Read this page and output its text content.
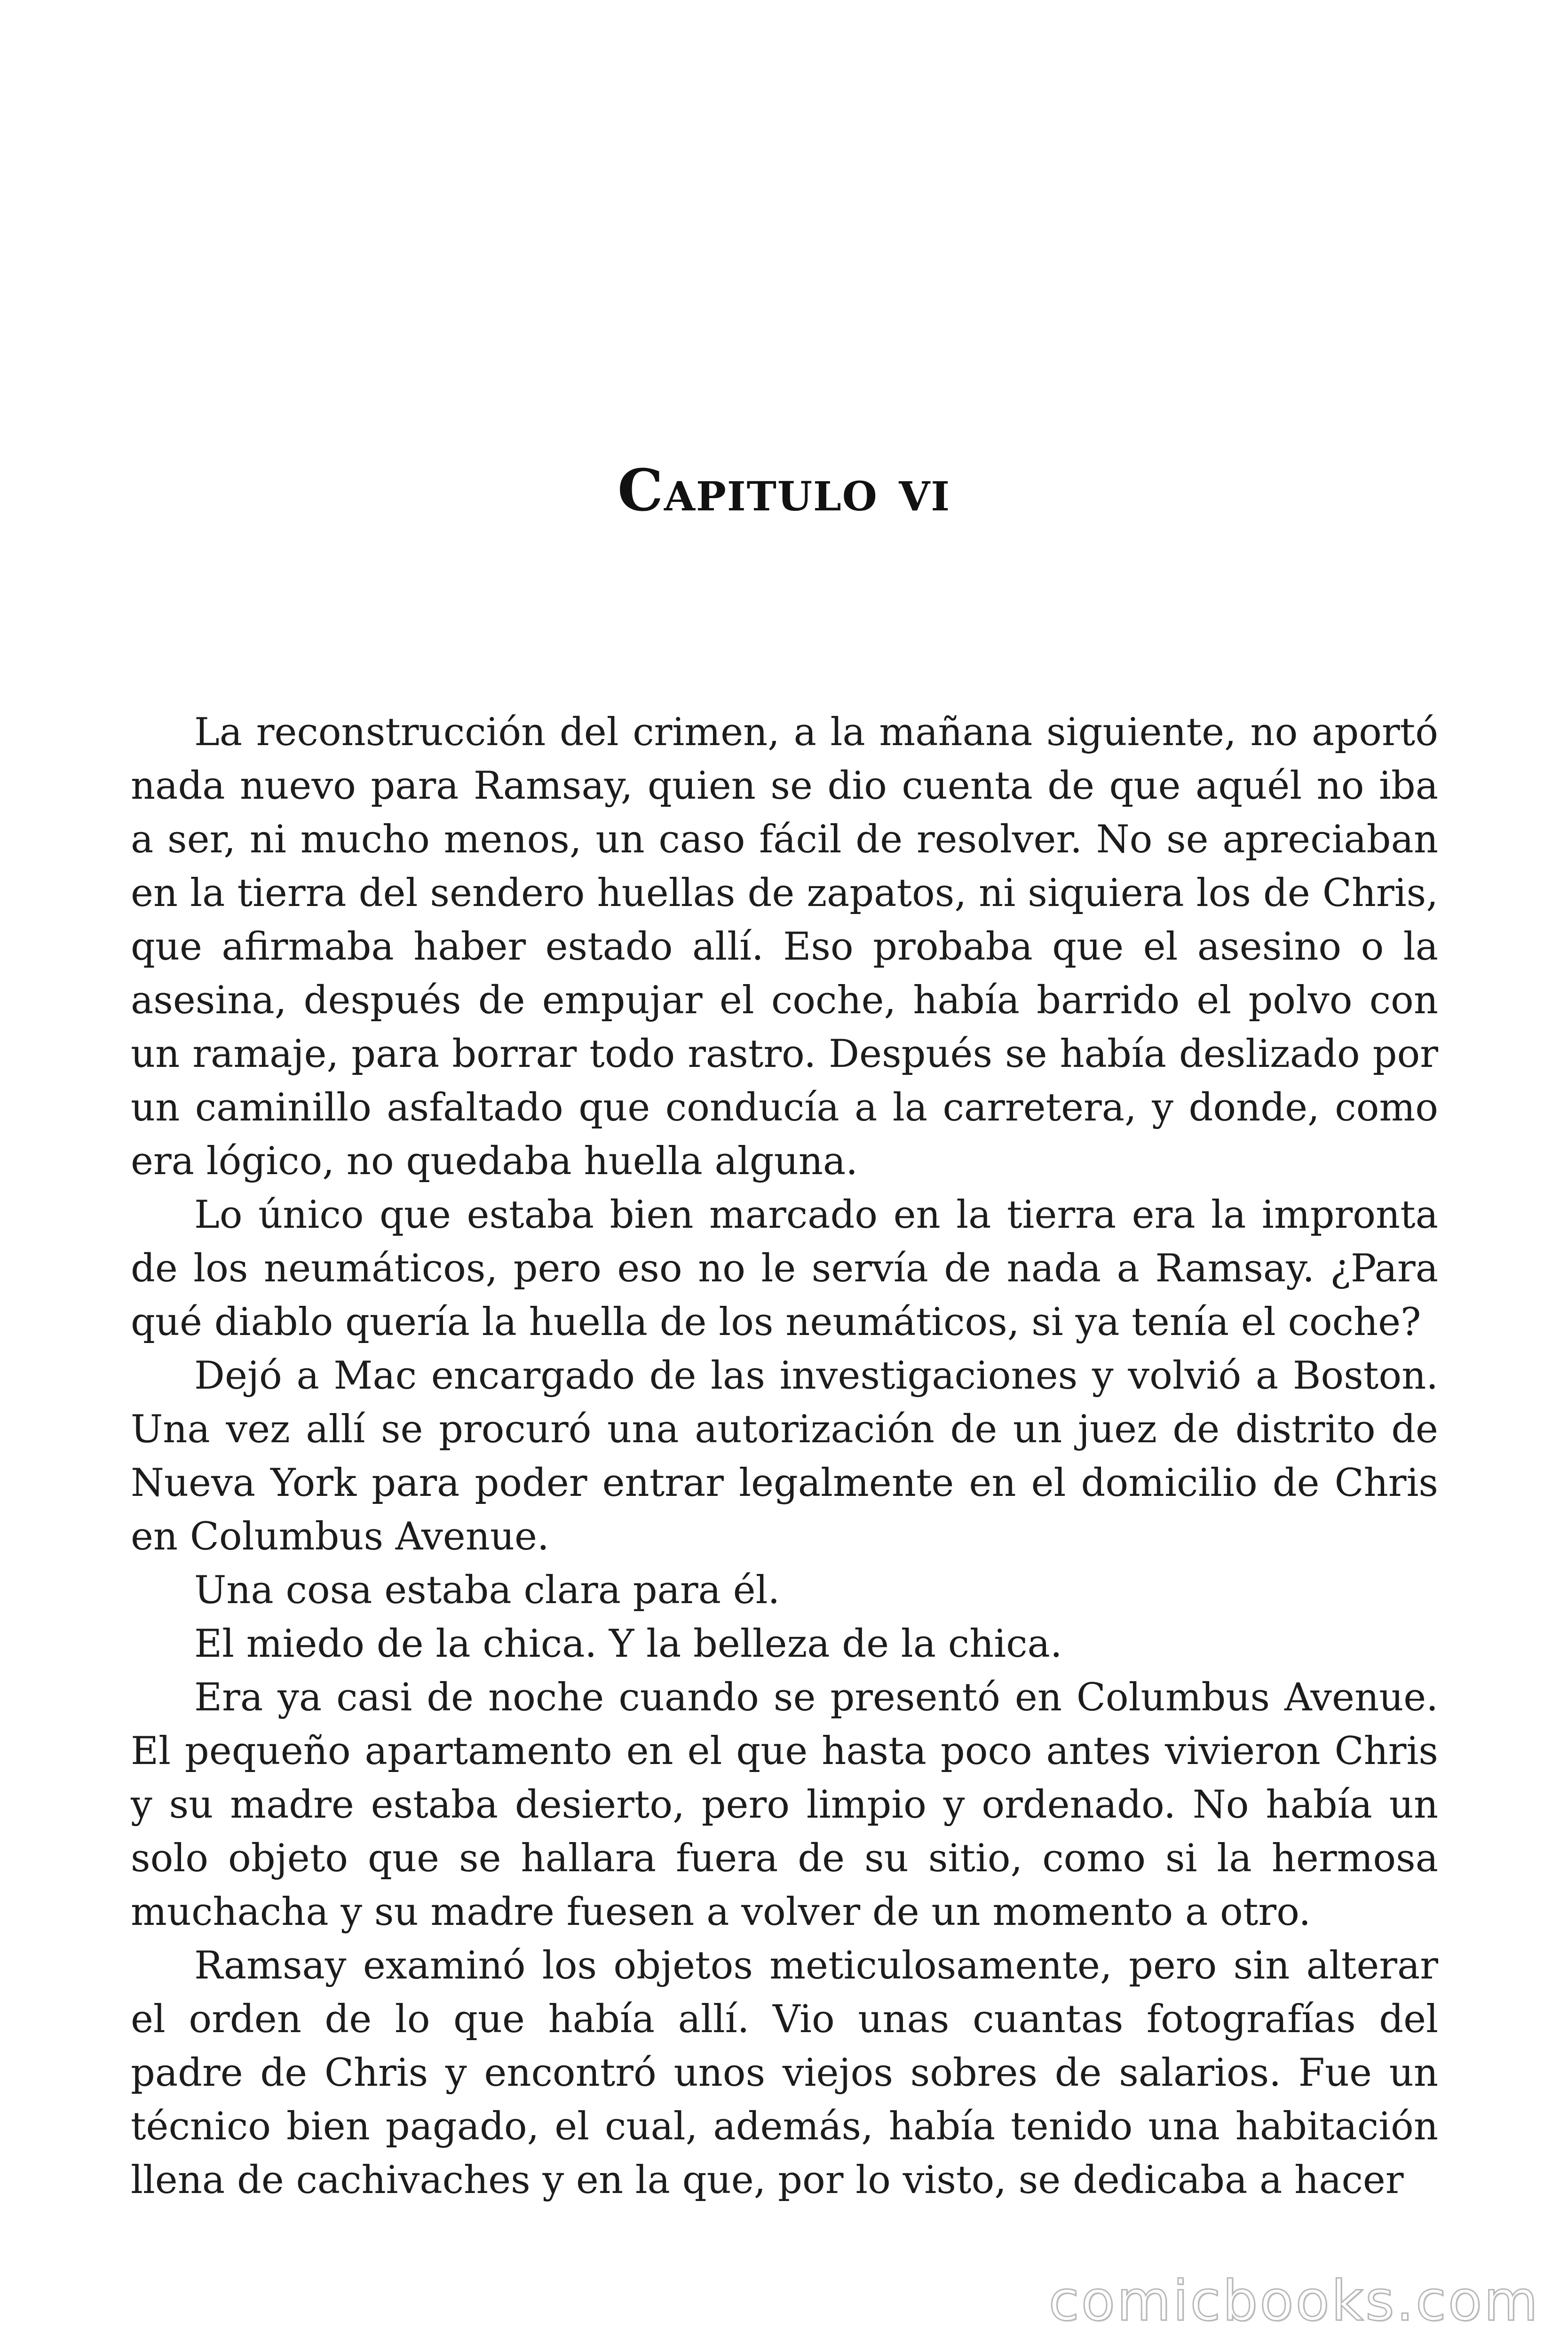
Capitulo vi

La reconstrucción del crimen, a la mañana siguiente, no aportó nada nuevo para Ramsay, quien se dio cuenta de que aquél no iba a ser, ni mucho menos, un caso fácil de resolver. No se apreciaban en la tierra del sendero huellas de zapatos, ni siquiera los de Chris, que afirmaba haber estado allí. Eso probaba que el asesino o la asesina, después de empujar el coche, había barrido el polvo con un ramaje, para borrar todo rastro. Después se había deslizado por un caminillo asfaltado que conducía a la carretera, y donde, como era lógico, no quedaba huella alguna.

Lo único que estaba bien marcado en la tierra era la impronta de los neumáticos, pero eso no le servía de nada a Ramsay. ¿Para qué diablo quería la huella de los neumáticos, si ya tenía el coche?

Dejó a Mac encargado de las investigaciones y volvió a Boston. Una vez allí se procuró una autorización de un juez de distrito de Nueva York para poder entrar legalmente en el domicilio de Chris en Columbus Avenue.

Una cosa estaba clara para él.

El miedo de la chica. Y la belleza de la chica.

Era ya casi de noche cuando se presentó en Columbus Avenue. El pequeño apartamento en el que hasta poco antes vivieron Chris y su madre estaba desierto, pero limpio y ordenado. No había un solo objeto que se hallara fuera de su sitio, como si la hermosa muchacha y su madre fuesen a volver de un momento a otro.

Ramsay examinó los objetos meticulosamente, pero sin alterar el orden de lo que había allí. Vio unas cuantas fotografías del padre de Chris y encontró unos viejos sobres de salarios. Fue un técnico bien pagado, el cual, además, había tenido una habitación llena de cachivaches y en la que, por lo visto, se dedicaba a hacer

comicbooks.com
